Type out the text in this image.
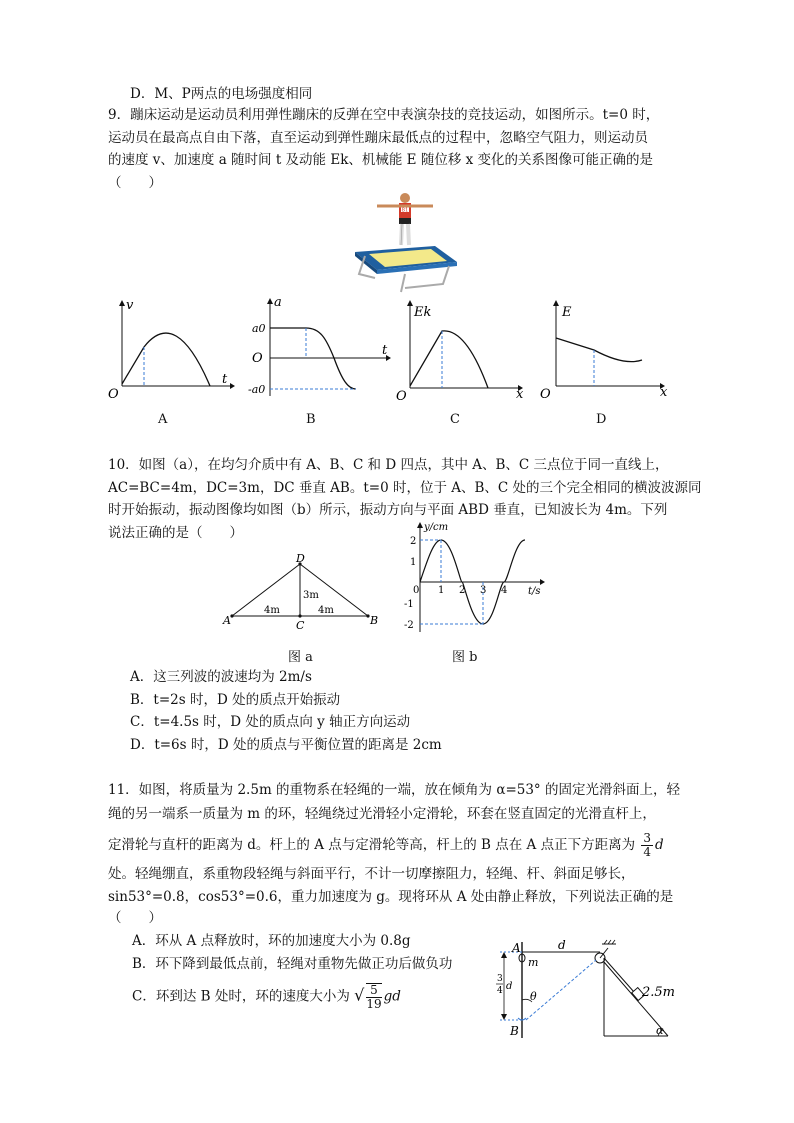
D．M、P两点的电场强度相同
9．蹦床运动是运动员利用弹性蹦床的反弹在空中表演杂技的竞技运动，如图所示。t=0 时，
运动员在最高点自由下落，直至运动到弹性蹦床最低点的过程中，忽略空气阻力，则运动员
的速度 v、加速度 a 随时间 t 及动能 Ek、机械能 E 随位移 x 变化的关系图像可能正确的是
（　　）
81
v
t
O
A
a
t
O
a0
-a0
B
Ek
x
O
C
E
x
O
D
10．如图（a），在均匀介质中有 A、B、C 和 D 四点，其中 A、B、C 三点位于同一直线上，
AC=BC=4m，DC=3m，DC 垂直 AB。t=0 时，位于 A、B、C 处的三个完全相同的横波波源同
时开始振动，振动图像均如图（b）所示，振动方向与平面 ABD 垂直，已知波长为 4m。下列
说法正确的是（　　）
A	B
C
D
4m	4m
3m
图 a
y/cm
t/s
2
1
0
-1
-2
1 2 3 4
图 b
A．这三列波的波速均为 2m/s
B．t=2s 时，D 处的质点开始振动
C．t=4.5s 时，D 处的质点向 y 轴正方向运动
D．t=6s 时，D 处的质点与平衡位置的距离是 2cm
11．如图，将质量为 2.5m 的重物系在轻绳的一端，放在倾角为 α=53° 的固定光滑斜面上，轻
绳的另一端系一质量为 m 的环，轻绳绕过光滑轻小定滑轮，环套在竖直固定的光滑直杆上，
定滑轮与直杆的距离为 d。杆上的 A 点与定滑轮等高，杆上的 B 点在 A 点正下方距离为 $\frac{3}{4}$ d
处。轻绳绷直，系重物段轻绳与斜面平行，不计一切摩擦阻力，轻绳、杆、斜面足够长，
sin53°=0.8，cos53°=0.6，重力加速度为 g。现将环从 A 处由静止释放，下列说法正确的是
（　　）
A．环从 A 点释放时，环的加速度大小为 0.8g
B．环下降到最低点前，轻绳对重物先做正功后做负功
C．环到达 B 处时，环的速度大小为 √ $\frac{5}{19}$ gd
A
B
m
d
θ	2.5m
α
3
4 d
